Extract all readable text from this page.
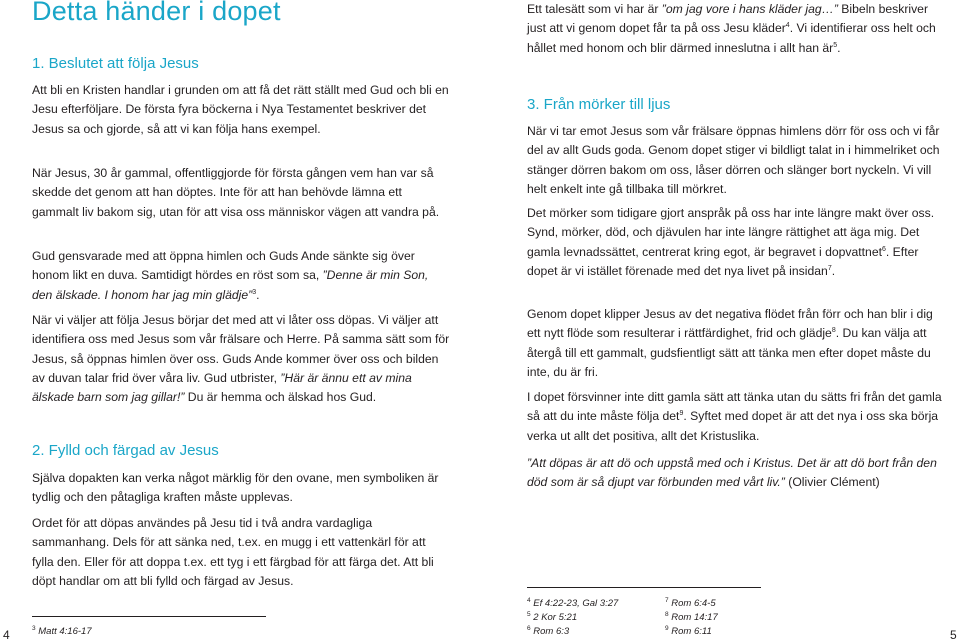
Detta händer i dopet
1. Beslutet att följa Jesus

Att bli en Kristen handlar i grunden om att få det rätt ställt med Gud och bli en Jesu efterföljare. De första fyra böckerna i Nya Testamentet beskriver det Jesus sa och gjorde, så att vi kan följa hans exempel.

När Jesus, 30 år gammal, offentliggjorde för första gången vem han var så skedde det genom att han döptes. Inte för att han behövde lämna ett gammalt liv bakom sig, utan för att visa oss människor vägen att vandra på.

Gud gensvarade med att öppna himlen och Guds Ande sänkte sig över honom likt en duva. Samtidigt hördes en röst som sa, ”Denne är min Son, den älskade. I honom har jag min glädje”$^3$.

När vi väljer att följa Jesus börjar det med att vi låter oss döpas. Vi väljer att identifiera oss med Jesus som vår frälsare och Herre. På samma sätt som för Jesus, så öppnas himlen över oss. Guds Ande kommer över oss och bilden av duvan talar frid över våra liv. Gud utbrister, ”Här är ännu ett av mina älskade barn som jag gillar!” Du är hemma och älskad hos Gud.

2. Fylld och färgad av Jesus

Själva dopakten kan verka något märklig för den ovane, men symboliken är tydlig och den påtagliga kraften måste upplevas.

Ordet för att döpas användes på Jesu tid i två andra vardagliga sammanhang. Dels för att sänka ned, t.ex. en mugg i ett vattenkärl för att fylla den. Eller för att doppa t.ex. ett tyg i ett färgbad för att färga det. Att bli döpt handlar om att bli fylld och färgad av Jesus.

$^3$ Matt 4:16-17
4

Ett talesätt som vi har är ”om jag vore i hans kläder jag…” Bibeln beskriver just att vi genom dopet får ta på oss Jesu kläder$^4$. Vi identifierar oss helt och hållet med honom och blir därmed inneslutna i allt han $är^5$.

3. Från mörker till ljus

När vi tar emot Jesus som vår frälsare öppnas himlens dörr för oss och vi får del av allt Guds goda. Genom dopet stiger vi bildligt talat in i himmelriket och stänger dörren bakom om oss, låser dörren och slänger bort nyckeln. Vi vill helt enkelt inte gå tillbaka till mörkret.

Det mörker som tidigare gjort anspråk på oss har inte längre makt över oss. Synd, mörker, död, och djävulen har inte längre rättighet att äga mig. Det gamla levnadssättet, centrerat kring egot, är begravet i dopvattnet$^6$. Efter dopet är vi istället förenade med det nya livet på insidan$^7$.

Genom dopet klipper Jesus av det negativa flödet från förr och han blir i dig ett nytt flöde som resulterar i rättfärdighet, frid och glädje$^8$. Du kan välja att återgå till ett gammalt, gudsfientligt sätt att tänka men efter dopet måste du inte, du är fri.

I dopet försvinner inte ditt gamla sätt att tänka utan du sätts fri från det gamla så att du inte måste följa $\det^9$. Syftet med dopet är att det nya i oss ska börja verka ut allt det positiva, allt det Kristuslika.

”Att döpas är att dö och uppstå med och i Kristus. Det är att dö bort från den död som är så djupt var förbunden med vårt liv.” (Olivier Clément)

$^4$ Ef 4:22-23, Gal 3:27
$^5$ 2 Kor 5:21
$^6$ Rom 6:3
$^7$ Rom 6:4-5
$^8$ Rom 14:17
$^9$ Rom 6:11	5
